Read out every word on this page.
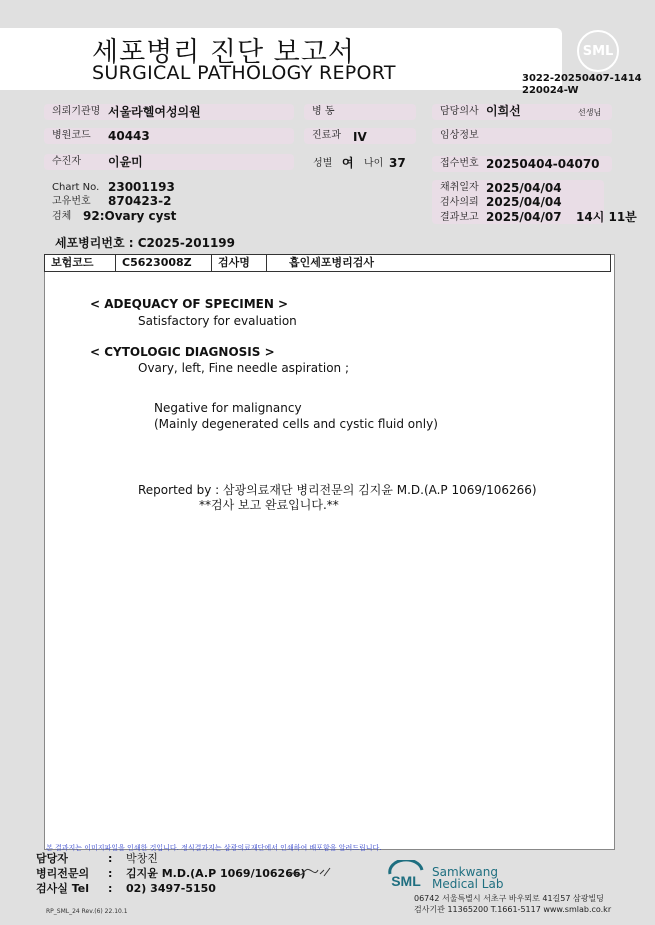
세포병리 진단 보고서
SURGICAL PATHOLOGY REPORT
SML
3022-20250407-1414
220024-W
의뢰기관명 서울라헬여성의원	병 동	담당의사 이희선	선생님
병원코드	40443	진료과	IV	임상정보
수진자	이윤미	성별 여 나이 37	접수번호 20250404-04070
Chart No. 23001193
고유번호 870423-2
검체 92:Ovary cyst
채취일자 2025/04/04
검사의뢰 2025/04/04
결과보고 2025/04/07 14시 11분
세포병리번호 : C2025-201199
보험코드	C5623008Z	검사명	흡인세포병리검사
< ADEQUACY OF SPECIMEN >
Satisfactory for evaluation
< CYTOLOGIC DIAGNOSIS >
Ovary, left, Fine needle aspiration ;
Negative for malignancy
(Mainly degenerated cells and cystic fluid only)
Reported by : 삼광의료재단 병리전문의 김지윤 M.D.(A.P 1069/106266)
**검사 보고 완료입니다.**
본 결과지는 이미지파일을 인쇄한 것입니다. 정식결과지는 삼광의료재단에서 인쇄하여 배포함을 알려드립니다.
담당자	: 박창진
병리전문의 : 김지윤 M.D.(A.P 1069/106266)
검사실 Tel : 02) 3497-5150	SML
Samkwang
Medical Lab
06742 서울특별시 서초구 바우뫼로 41길57 삼광빌딩
검사기관 11365200 T.1661-5117 www.smlab.co.kr
RP_SML_24 Rev.(6) 22.10.1
